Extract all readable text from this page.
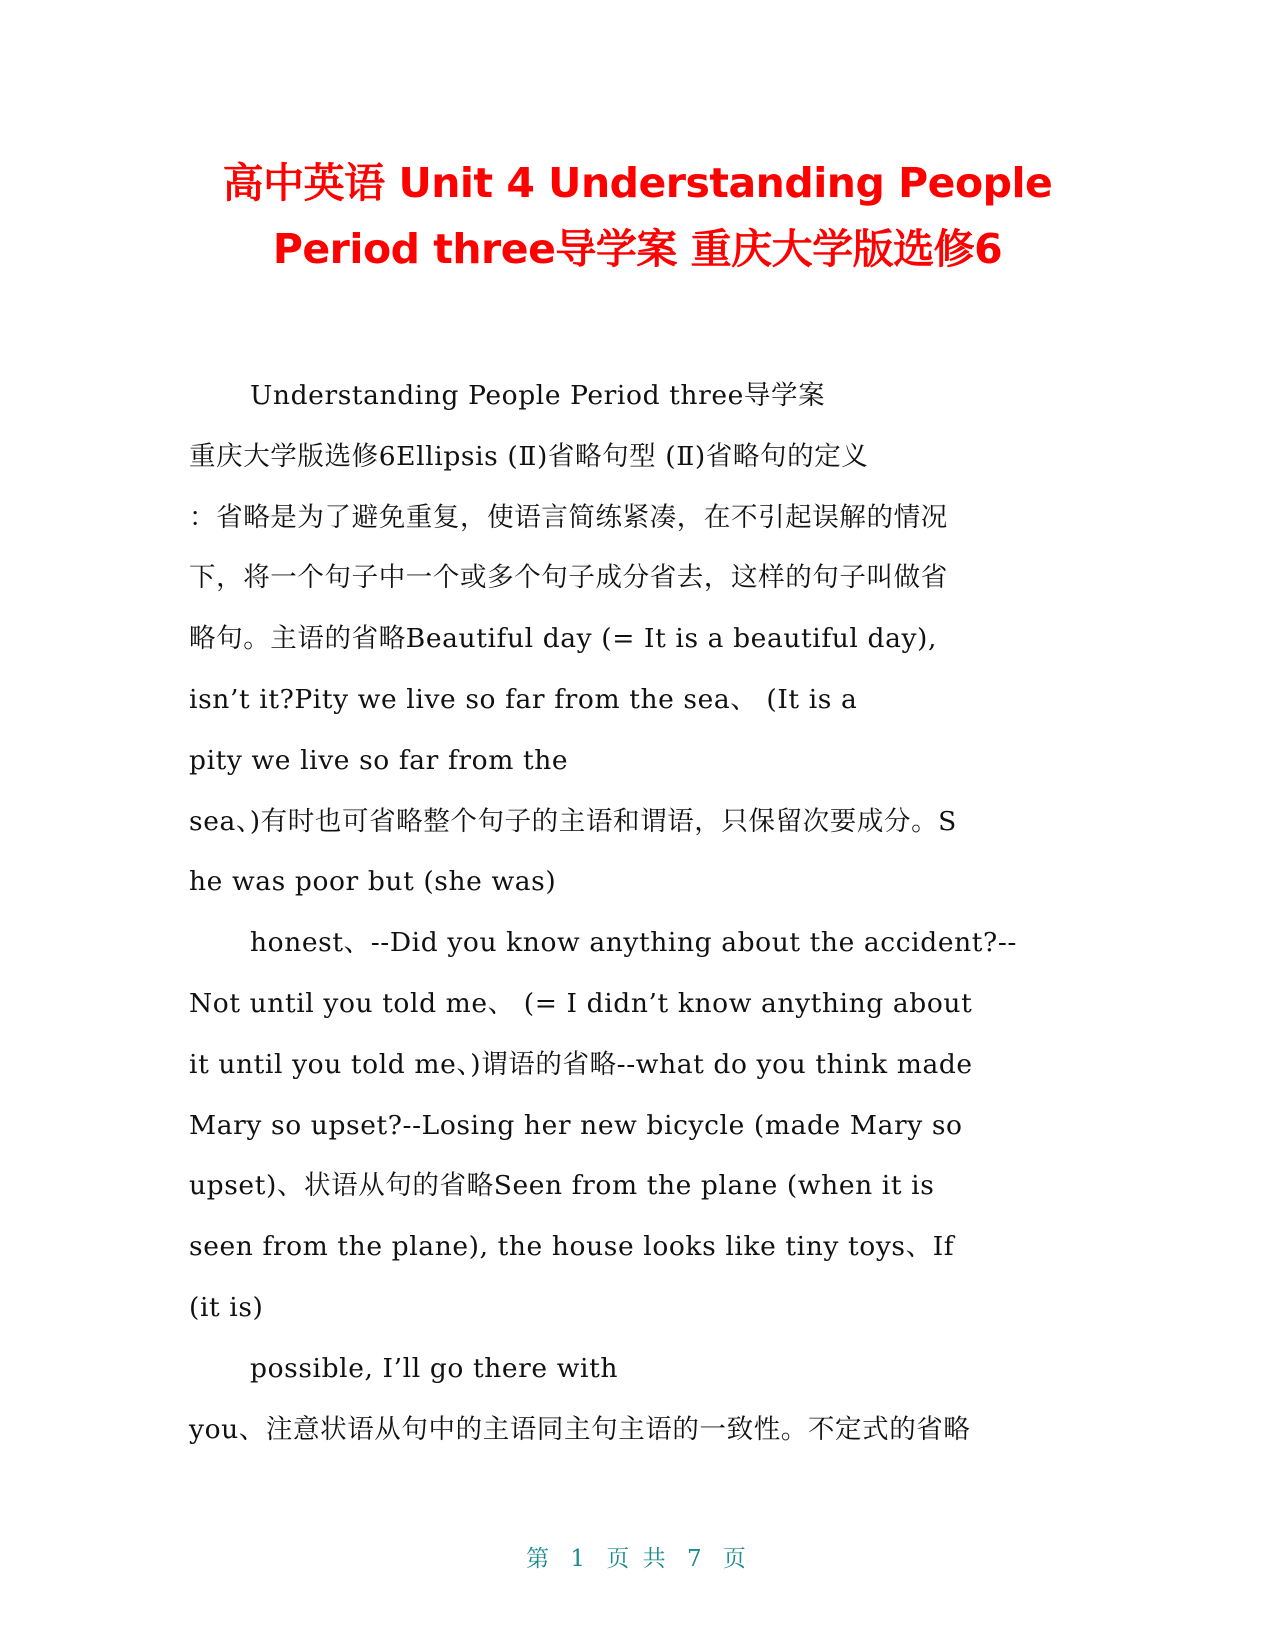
高中英语 Unit 4 Understanding People
Period three导学案 重庆大学版选修6
Understanding People Period three导学案
重庆大学版选修6Ellipsis (Ⅱ)省略句型 (Ⅱ)省略句的定义
：省略是为了避免重复，使语言简练紧凑，在不引起误解的情况
下，将一个句子中一个或多个句子成分省去，这样的句子叫做省
略句。主语的省略Beautiful day (= It is a beautiful day),
isn’t it?Pity we live so far from the sea、 (It is a
pity we live so far from the
sea、)有时也可省略整个句子的主语和谓语，只保留次要成分。S
he was poor but (she was)
honest、--Did you know anything about the accident?--
Not until you told me、 (= I didn’t know anything about
it until you told me、)谓语的省略--what do you think made
Mary so upset?--Losing her new bicycle (made Mary so
upset)、状语从句的省略Seen from the plane (when it is
seen from the plane), the house looks like tiny toys、If
(it is)
possible, I’ll go there with
you、注意状语从句中的主语同主句主语的一致性。不定式的省略
第 1 页 共 7 页
